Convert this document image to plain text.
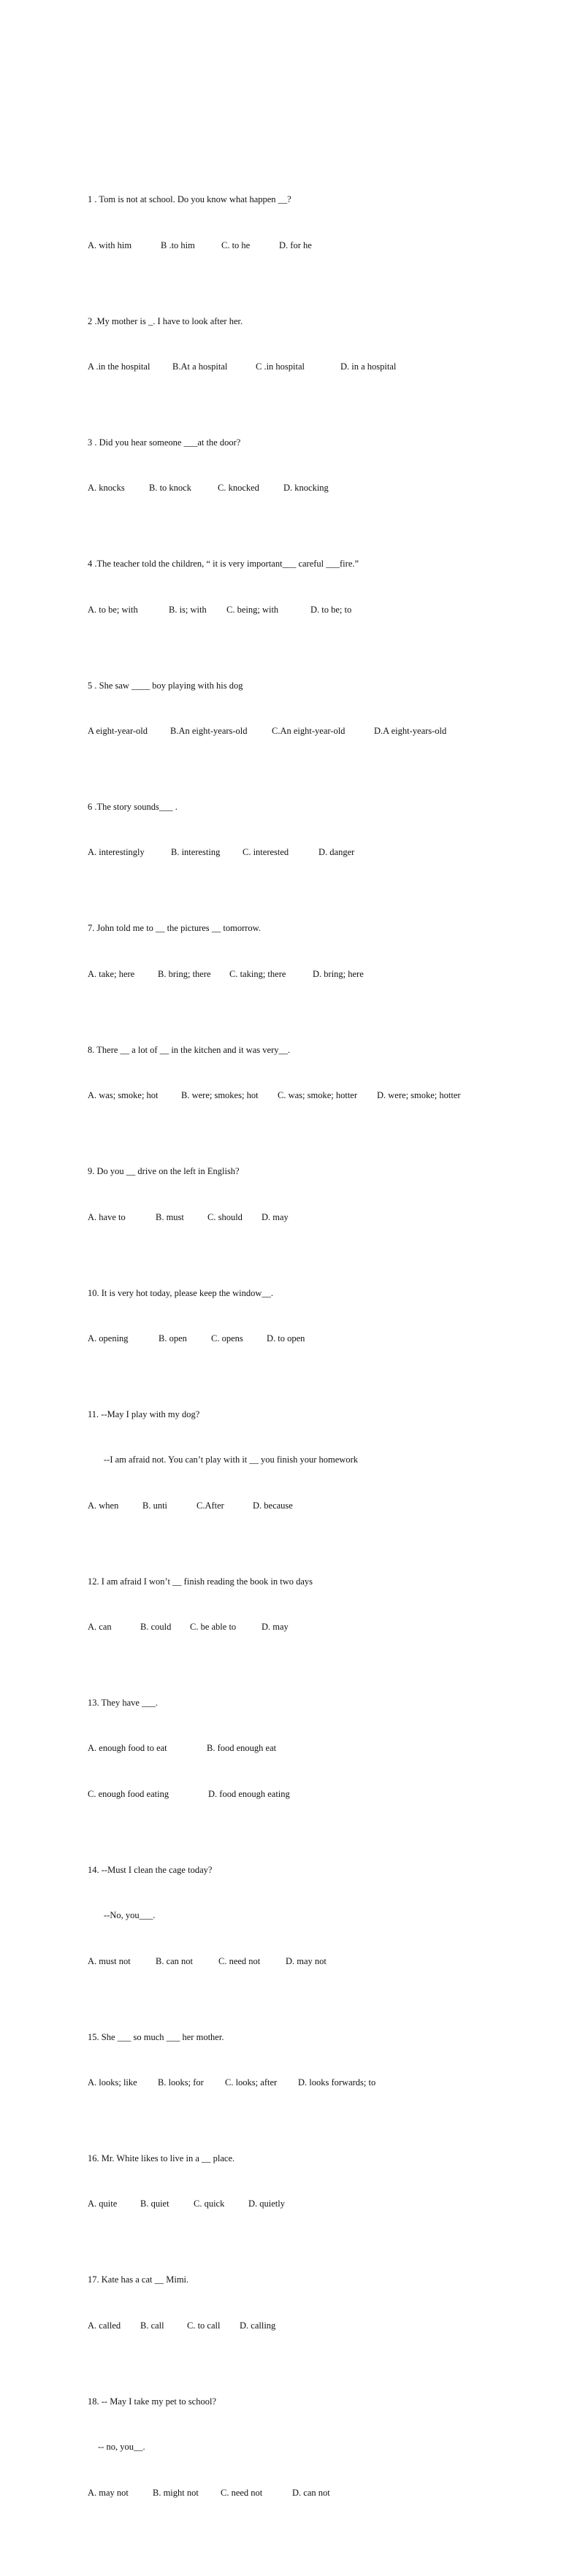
1 . Tom is not at school. Do you know what happen __?

A. with him

	B .to him

	C. to he

	D. for he

2 .My mother is _. I have to look after her.

A .in the hospital

B.At a hospital

	C .in hospital

	D. in a hospital

3 . Did you hear someone ___at the door?

A. knocks

	B. to knock

	C. knocked

	D. knocking

4 .The teacher told the children, “ it is very important___ careful ___fire.”

A. to be; with

	B. is; with

C. being; with

	D. to be; to

5 . She saw ____ boy playing with his dog

A eight-year-old

B.An eight-years-old

	C.An eight-year-old

	D.A eight-years-old

6 .The story sounds___ .

A. interestingly

	B. interesting

C. interested

	D. danger

7. John told me to __ the pictures __ tomorrow.

A. take; here

	B. bring; there

C. taking; there

	D. bring; here

8. There __ a lot of __ in the kitchen and it was very__.

A. was; smoke; hot

	B. were; smokes; hot

C. was; smoke; hotter

D. were; smoke; hotter

9. Do you __ drive on the left in English?

A. have to

	B. must

	C. should

D. may

10. It is very hot today, please keep the window__.

A. opening

	B. open

	C. opens

	D. to open

11. --May I play with my dog?

--I am afraid not. You can’t play with it __ you finish your homework

A. when

	B. unti

	C.After

	D. because

12. I am afraid I won’t __ finish reading the book in two days

A. can

	B. could

C. be able to

	D. may

13. They have ___.

A. enough food to eat

	B. food enough eat

C. enough food eating

	D. food enough eating

14. --Must I clean the cage today?

--No, you___.

A. must not

	B. can not

	C. need not

	D. may not

15. She ___ so much ___ her mother.

A. looks; like

B. looks; for

C. looks; after

D. looks forwards; to

16. Mr. White likes to live in a __ place.

A. quite

	B. quiet

	C. quick

	D. quietly

17. Kate has a cat __ Mimi.

A. called

B. call

	C. to call

D. calling

18. -- May I take my pet to school?

-- no, you__.

A. may not

	B. might not

C. need not

	D. can not
